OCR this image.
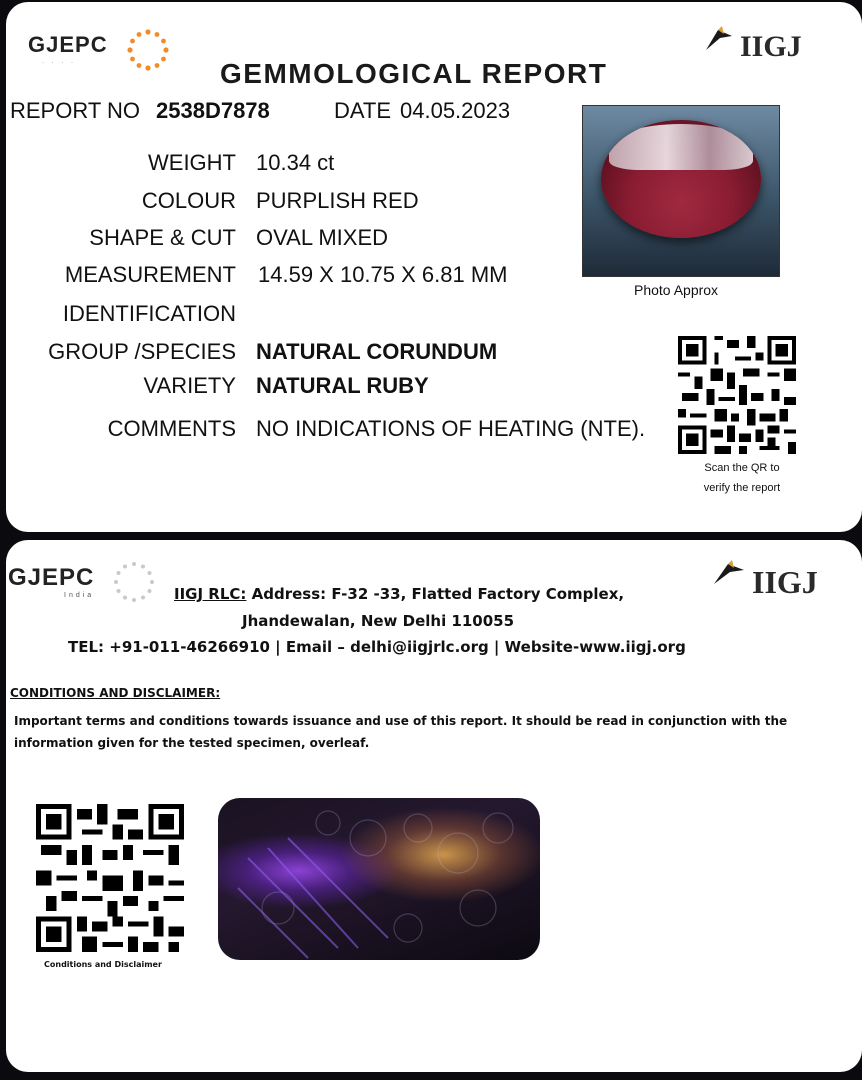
GJEPC
· · · ·	IIGJ
GEMMOLOGICAL REPORT
REPORT NO 2538D7878	DATE 04.05.2023
WEIGHT 10.34 ct
COLOUR PURPLISH RED
SHAPE & CUT OVAL MIXED
MEASUREMENT 14.59 X 10.75 X 6.81 MM
IDENTIFICATION
GROUP /SPECIES NATURAL CORUNDUM
VARIETY NATURAL RUBY
COMMENTS NO INDICATIONS OF HEATING (NTE).
Photo Approx
Scan the QR to
verify the report
GJEPC
India	IIGJ
IIGJ RLC: Address: F-32 -33, Flatted Factory Complex,
Jhandewalan, New Delhi 110055
TEL: +91-011-46266910 | Email – delhi@iigjrlc.org | Website-www.iigj.org
CONDITIONS AND DISCLAIMER:
Important terms and conditions towards issuance and use of this report. It should be read in conjunction with the information given for the tested specimen, overleaf.
Conditions and Disclaimer
